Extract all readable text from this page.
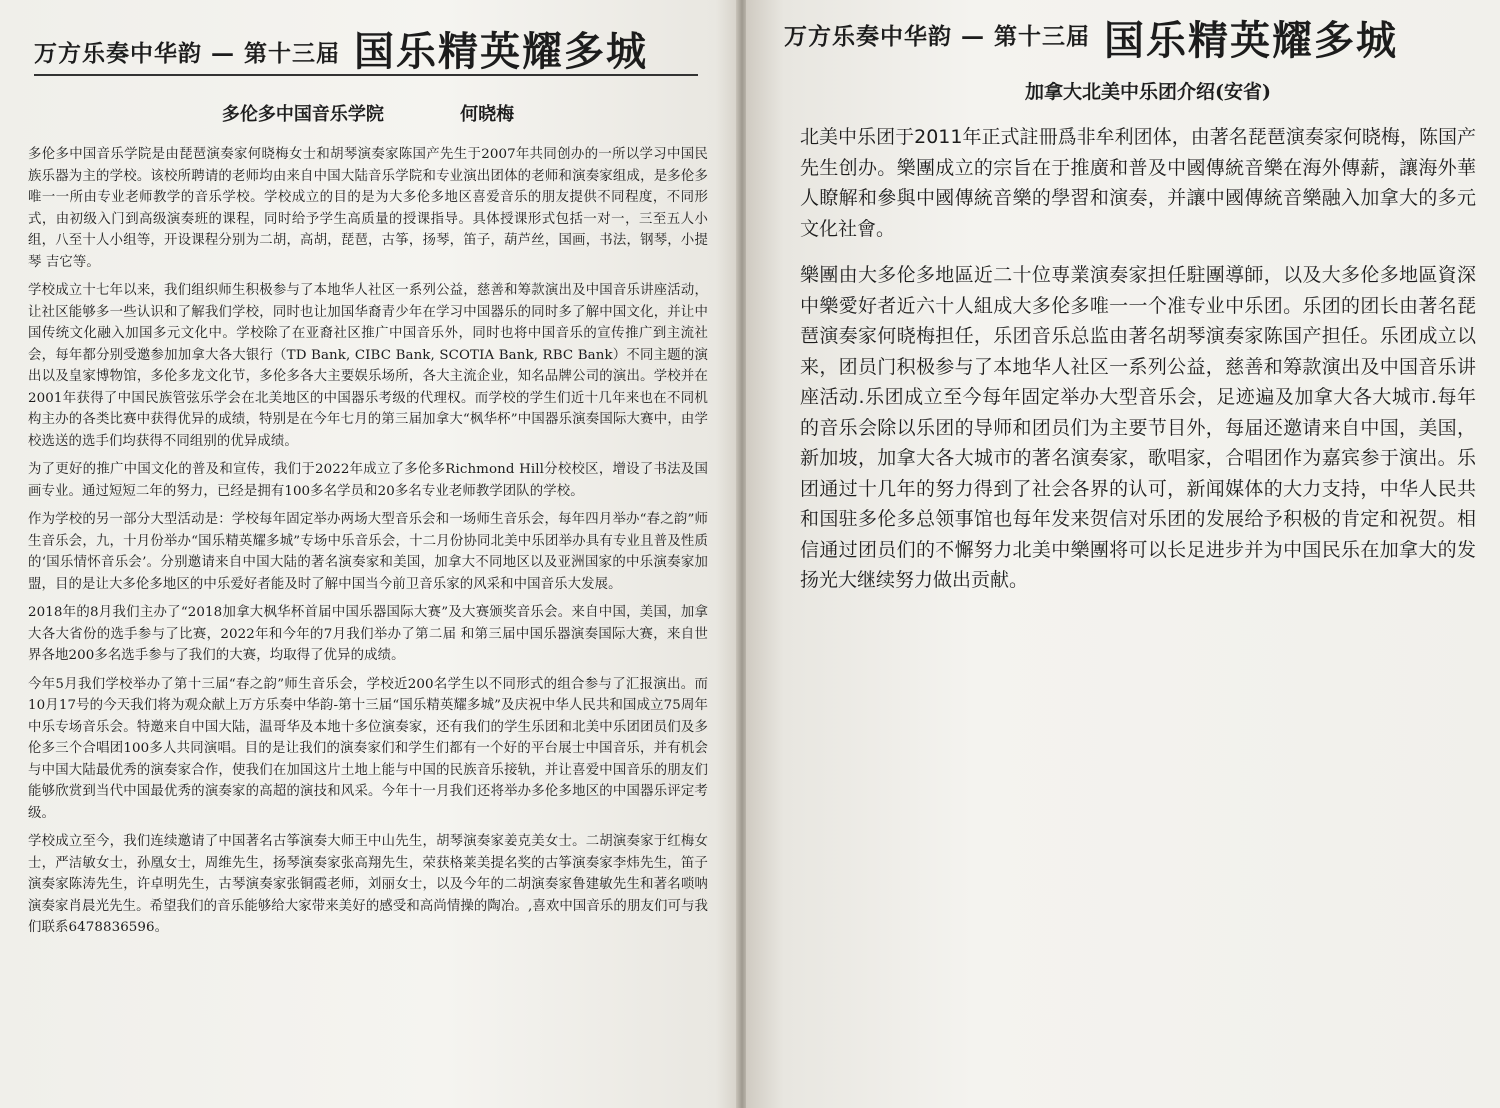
万方乐奏中华韵 — 第十三届 国乐精英耀多城
多伦多中国音乐学院	何晓梅

多伦多中国音乐学院是由琵琶演奏家何晓梅女士和胡琴演奏家陈国产先生于2007年共同创办的一所以学习中国民族乐器为主的学校。该校所聘请的老师均由来自中国大陆音乐学院和专业演出团体的老师和演奏家组成，是多伦多唯一一所由专业老师教学的音乐学校。学校成立的目的是为大多伦多地区喜爱音乐的朋友提供不同程度，不同形式，由初级入门到高级演奏班的课程，同时给予学生高质量的授课指导。具体授课形式包括一对一，三至五人小组，八至十人小组等，开设课程分别为二胡，高胡，琵琶，古筝，扬琴，笛子，葫芦丝，国画，书法，钢琴，小提琴 吉它等。

学校成立十七年以来，我们组织师生积极参与了本地华人社区一系列公益，慈善和筹款演出及中国音乐讲座活动，让社区能够多一些认识和了解我们学校，同时也让加国华裔青少年在学习中国器乐的同时多了解中国文化，并让中国传统文化融入加国多元文化中。学校除了在亚裔社区推广中国音乐外，同时也将中国音乐的宣传推广到主流社会，每年都分别受邀参加加拿大各大银行（TD Bank, CIBC Bank, SCOTIA Bank, RBC Bank）不同主题的演出以及皇家博物馆，多伦多龙文化节，多伦多各大主要娱乐场所，各大主流企业，知名品牌公司的演出。学校并在2001年获得了中国民族管弦乐学会在北美地区的中国器乐考级的代理权。而学校的学生们近十几年来也在不同机构主办的各类比赛中获得优异的成绩，特别是在今年七月的第三届加拿大“枫华杯”中国器乐演奏国际大赛中，由学校选送的选手们均获得不同组别的优异成绩。

为了更好的推广中国文化的普及和宣传，我们于2022年成立了多伦多Richmond Hill分校校区，增设了书法及国画专业。通过短短二年的努力，已经是拥有100多名学员和20多名专业老师教学团队的学校。

作为学校的另一部分大型活动是：学校每年固定举办两场大型音乐会和一场师生音乐会，每年四月举办“春之韵”师生音乐会，九，十月份举办“国乐精英耀多城”专场中乐音乐会，十二月份协同北美中乐团举办具有专业且普及性质的‘国乐情怀音乐会’。分别邀请来自中国大陆的著名演奏家和美国，加拿大不同地区以及亚洲国家的中乐演奏家加盟，目的是让大多伦多地区的中乐爱好者能及时了解中国当今前卫音乐家的风采和中国音乐大发展。

2018年的8月我们主办了“2018加拿大枫华杯首届中国乐器国际大赛”及大赛颁奖音乐会。来自中国，美国，加拿大各大省份的选手参与了比赛，2022年和今年的7月我们举办了第二届 和第三届中国乐器演奏国际大赛，来自世界各地200多名选手参与了我们的大赛，均取得了优异的成绩。

今年5月我们学校举办了第十三届“春之韵”师生音乐会，学校近200名学生以不同形式的组合参与了汇报演出。而10月17号的今天我们将为观众献上万方乐奏中华韵-第十三届“国乐精英耀多城”及庆祝中华人民共和国成立75周年中乐专场音乐会。特邀来自中国大陆，温哥华及本地十多位演奏家，还有我们的学生乐团和北美中乐团团员们及多伦多三个合唱团100多人共同演唱。目的是让我们的演奏家们和学生们都有一个好的平台展士中国音乐，并有机会与中国大陆最优秀的演奏家合作，使我们在加国这片土地上能与中国的民族音乐接轨，并让喜爱中国音乐的朋友们能够欣赏到当代中国最优秀的演奏家的高超的演技和风采。今年十一月我们还将举办多伦多地区的中国器乐评定考级。

学校成立至今，我们连续邀请了中国著名古筝演奏大师王中山先生，胡琴演奏家姜克美女士。二胡演奏家于红梅女士，严洁敏女士，孙凰女士，周维先生，扬琴演奏家张高翔先生，荣获格莱美提名奖的古筝演奏家李炜先生，笛子演奏家陈涛先生，许卓明先生，古琴演奏家张铜霞老师，刘丽女士，以及今年的二胡演奏家鲁建敏先生和著名唢呐演奏家肖晨光先生。希望我们的音乐能够给大家带来美好的感受和高尚情操的陶冶。,喜欢中国音乐的朋友们可与我们联系6478836596。

万方乐奏中华韵 — 第十三届 国乐精英耀多城
加拿大北美中乐团介绍(安省)

北美中乐团于2011年正式註冊爲非牟利团体，由著名琵琶演奏家何晓梅，陈国产先生创办。樂團成立的宗旨在于推廣和普及中國傳統音樂在海外傳薪，讓海外華人瞭解和參與中國傳統音樂的學習和演奏，并讓中國傳統音樂融入加拿大的多元文化社會。

樂團由大多伦多地區近二十位専業演奏家担任駐團導師，以及大多伦多地區資深中樂愛好者近六十人組成大多伦多唯一一个准专业中乐团。乐团的团长由著名琵琶演奏家何晓梅担任，乐团音乐总监由著名胡琴演奏家陈国产担任。乐团成立以来，团员门积极参与了本地华人社区一系列公益，慈善和筹款演出及中国音乐讲座活动.乐团成立至今每年固定举办大型音乐会，足迹遍及加拿大各大城市.每年的音乐会除以乐团的导师和团员们为主要节目外，每届还邀请来自中国，美国，新加坡，加拿大各大城市的著名演奏家，歌唱家，合唱团作为嘉宾参于演出。乐团通过十几年的努力得到了社会各界的认可，新闻媒体的大力支持，中华人民共和国驻多伦多总领事馆也每年发来贺信对乐团的发展给予积极的肯定和祝贺。相信通过团员们的不懈努力北美中樂團将可以长足进步并为中国民乐在加拿大的发扬光大继续努力做出贡献。
